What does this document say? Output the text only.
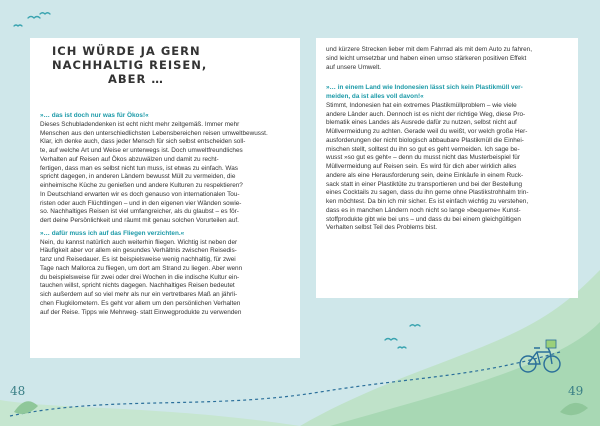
ICH WÜRDE JA GERN NACHHALTIG REISEN,
ABER …

»… das ist doch nur was für Ökos!«

Dieses Schubladendenken ist echt nicht mehr zeitgemäß. Immer mehr

Menschen aus den unterschiedlichsten Lebensbereichen reisen umweltbewusst.

Klar, ich denke auch, dass jeder Mensch für sich selbst entscheiden soll-

te, auf welche Art und Weise er unterwegs ist. Doch umweltfreundliches

Verhalten auf Reisen auf Ökos abzuwälzen und damit zu recht-

fertigen, dass man es selbst nicht tun muss, ist etwas zu einfach. Was

spricht dagegen, in anderen Ländern bewusst Müll zu vermeiden, die

einheimische Küche zu genießen und andere Kulturen zu respektieren?

In Deutschland erwarten wir es doch genauso von internationalen Tou-

risten oder auch Flüchtlingen – und in den eigenen vier Wänden sowie-

so. Nachhaltiges Reisen ist viel umfangreicher, als du glaubst – es för-

dert deine Persönlichkeit und räumt mit genau solchen Vorurteilen auf.

»… dafür muss ich auf das Fliegen verzichten.«

Nein, du kannst natürlich auch weiterhin fliegen. Wichtig ist neben der

Häufigkeit aber vor allem ein gesundes Verhältnis zwischen Reisedis-

tanz und Reisedauer. Es ist beispielsweise wenig nachhaltig, für zwei

Tage nach Mallorca zu fliegen, um dort am Strand zu liegen. Aber wenn

du beispielsweise für zwei oder drei Wochen in die indische Kultur ein-

tauchen willst, spricht nichts dagegen. Nachhaltiges Reisen bedeutet

sich außerdem auf so viel mehr als nur ein vertretbares Maß an jährli-

chen Flugkilometern. Es geht vor allem um den persönlichen Verhalten

auf der Reise. Tipps wie Mehrweg- statt Einwegprodukte zu verwenden

und kürzere Strecken lieber mit dem Fahrrad als mit dem Auto zu fahren,

sind leicht umsetzbar und haben einen umso stärkeren positiven Effekt

auf unsere Umwelt.

»… in einem Land wie Indonesien lässt sich kein Plastikmüll ver-

meiden, da ist alles voll davon!«

Stimmt, Indonesien hat ein extremes Plastikmüllproblem – wie viele

andere Länder auch. Dennoch ist es nicht der richtige Weg, diese Pro-

blematik eines Landes als Ausrede dafür zu nutzen, selbst nicht auf

Müllvermeidung zu achten. Gerade weil du weißt, vor welch große Her-

ausforderungen der nicht biologisch abbaubare Plastikmüll die Einhei-

mischen stellt, solltest du ihn so gut es geht vermeiden. Ich sage be-

wusst »so gut es geht« – denn du musst nicht das Musterbeispiel für

Müllvermeidung auf Reisen sein. Es wird für dich aber wirklich alles

andere als eine Herausforderung sein, deine Einkäufe in einem Ruck-

sack statt in einer Plastiktüte zu transportieren und bei der Bestellung

eines Cocktails zu sagen, dass du ihn gerne ohne Plastikstrohhalm trin-

ken möchtest. Da bin ich mir sicher. Es ist einfach wichtig zu verstehen,

dass es in manchen Ländern noch nicht so lange »bequeme« Kunst-

stoffprodukte gibt wie bei uns – und dass du bei einem gleichgültigen

Verhalten selbst Teil des Problems bist.

48	49
